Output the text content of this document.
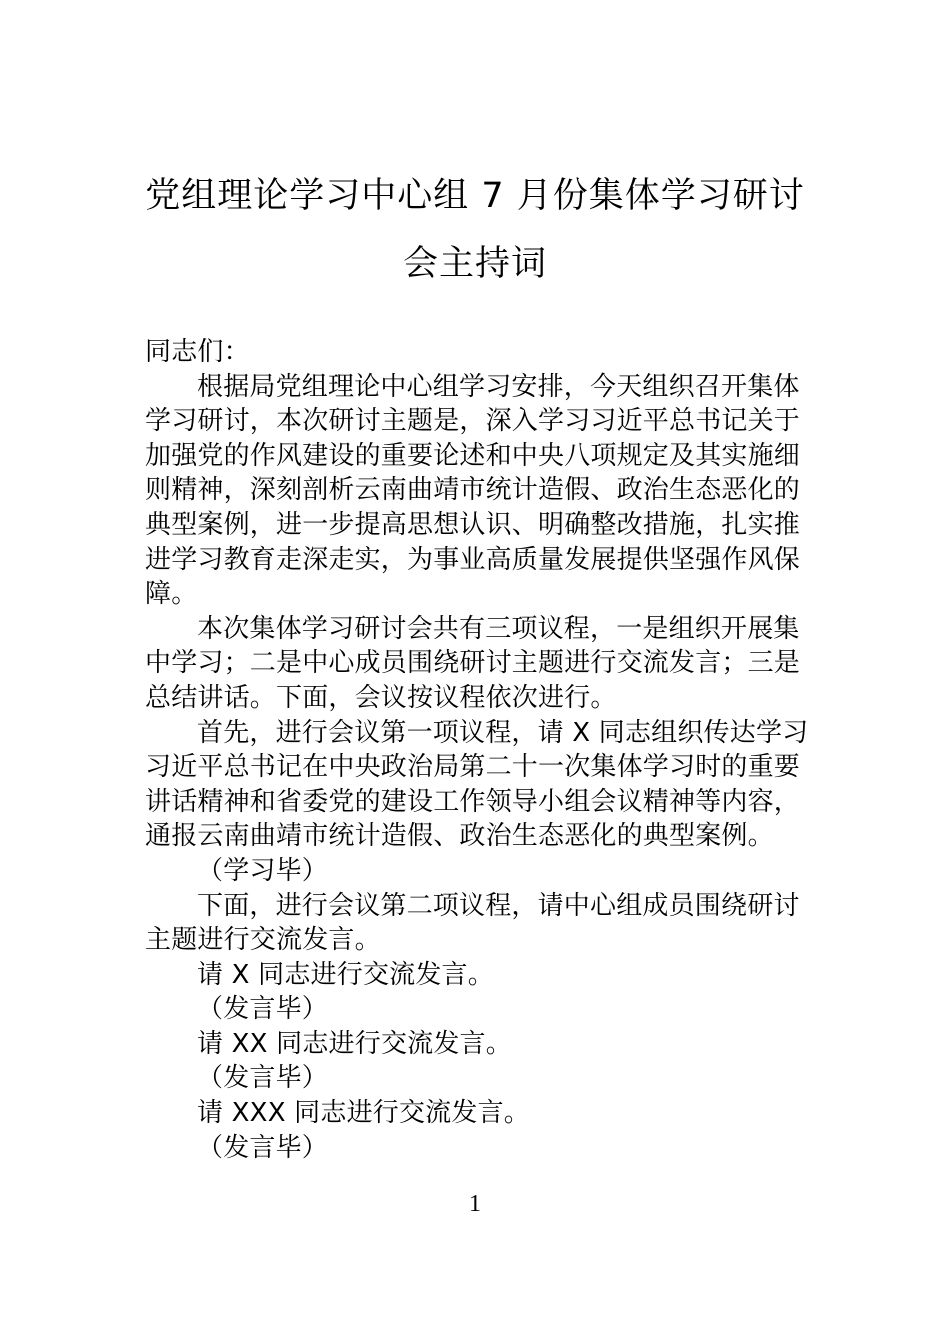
党组理论学习中心组 7 月份集体学习研讨
会主持词
同志们：
根据局党组理论中心组学习安排，今天组织召开集体
学习研讨，本次研讨主题是，深入学习习近平总书记关于
加强党的作风建设的重要论述和中央八项规定及其实施细
则精神，深刻剖析云南曲靖市统计造假、政治生态恶化的
典型案例，进一步提高思想认识、明确整改措施，扎实推
进学习教育走深走实，为事业高质量发展提供坚强作风保
障。
本次集体学习研讨会共有三项议程，一是组织开展集
中学习；二是中心成员围绕研讨主题进行交流发言；三是
总结讲话。下面，会议按议程依次进行。
首先，进行会议第一项议程，请 X 同志组织传达学习
习近平总书记在中央政治局第二十一次集体学习时的重要
讲话精神和省委党的建设工作领导小组会议精神等内容，
通报云南曲靖市统计造假、政治生态恶化的典型案例。
（学习毕）
下面，进行会议第二项议程，请中心组成员围绕研讨
主题进行交流发言。
请 X 同志进行交流发言。
（发言毕）
请 XX 同志进行交流发言。
（发言毕）
请 XXX 同志进行交流发言。
（发言毕）
1
